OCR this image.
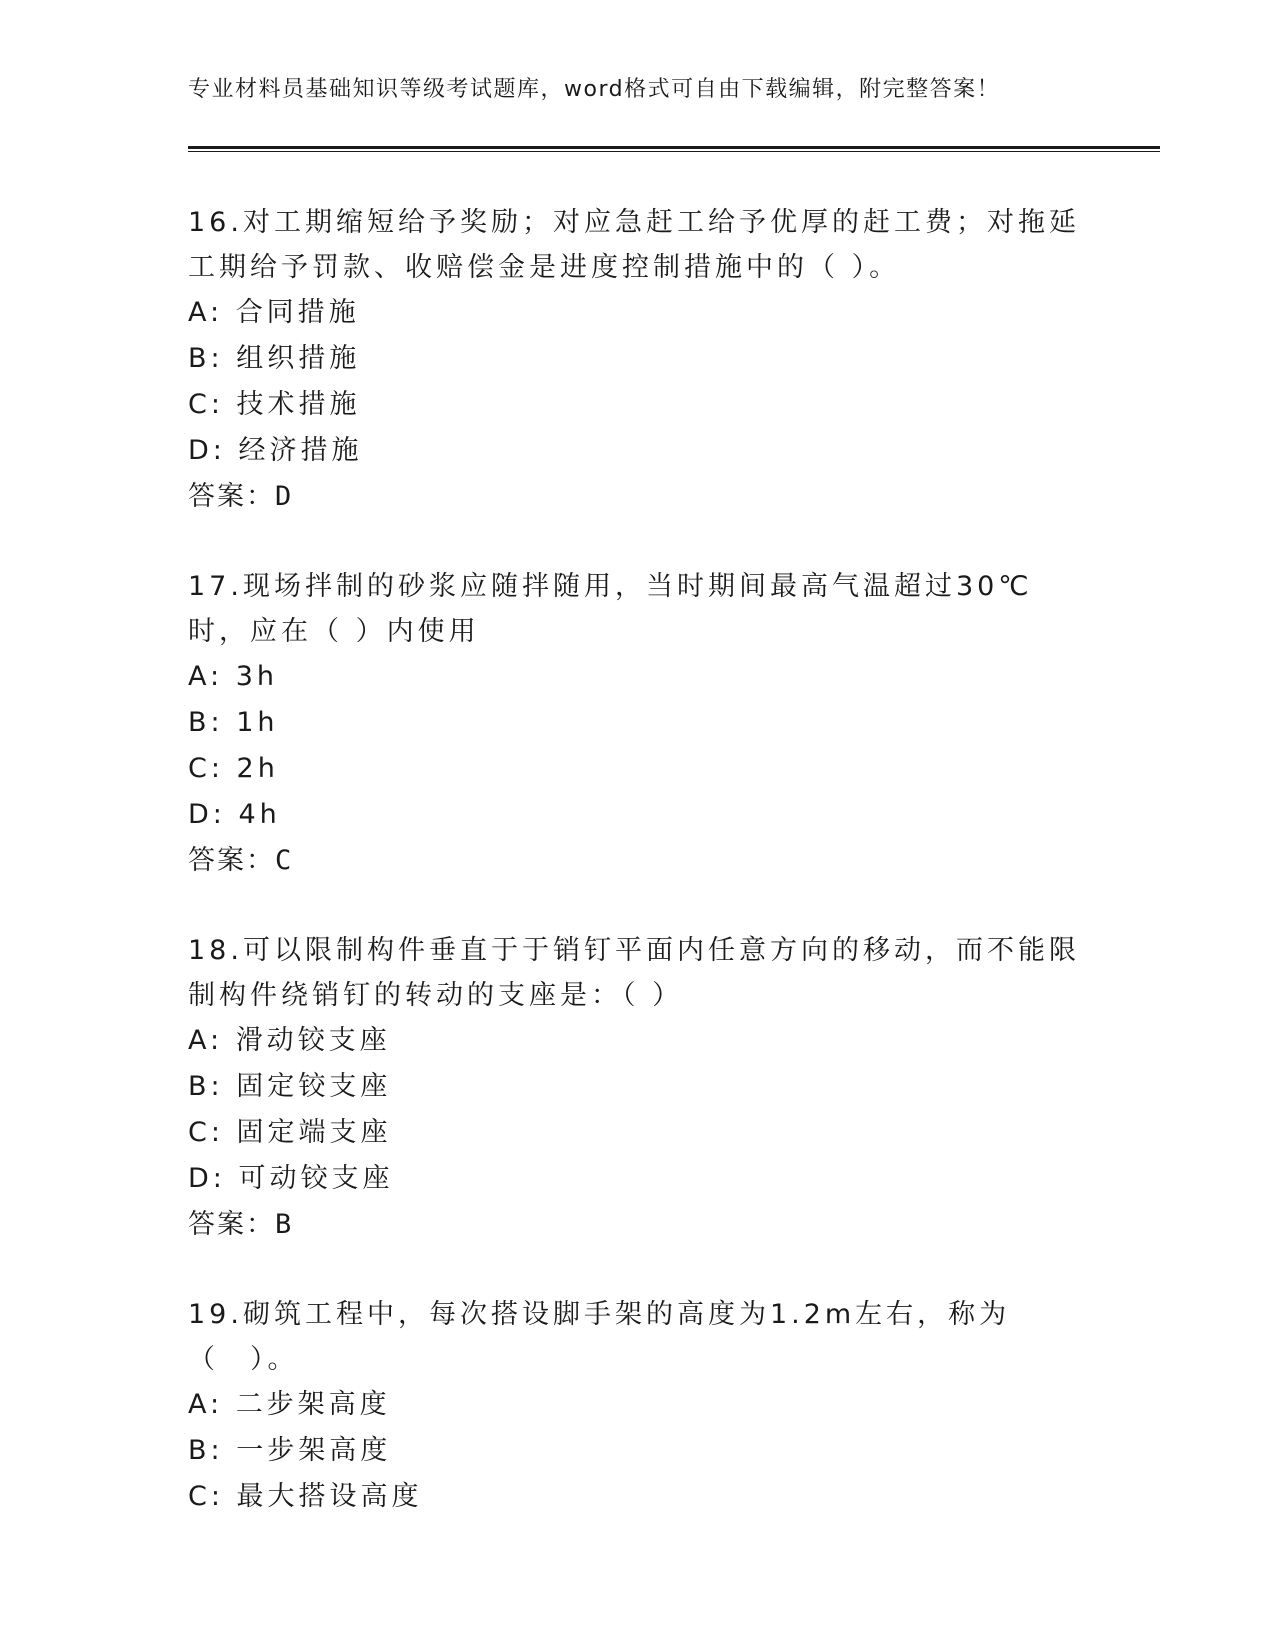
专业材料员基础知识等级考试题库，word格式可自由下载编辑，附完整答案！

16.对工期缩短给予奖励；对应急赶工给予优厚的赶工费；对拖延工期给予罚款、收赔偿金是进度控制措施中的（ ）。

A: 合同措施
B: 组织措施
C: 技术措施
D: 经济措施
答案：D

17.现场拌制的砂浆应随拌随用，当时期间最高气温超过30℃时，应在（ ）内使用

A: 3h
B: 1h
C: 2h
D: 4h
答案：C

18.可以限制构件垂直于于销钉平面内任意方向的移动，而不能限制构件绕销钉的转动的支座是：（ ）

A: 滑动铰支座
B: 固定铰支座
C: 固定端支座
D: 可动铰支座
答案：B

19.砌筑工程中，每次搭设脚手架的高度为1.2m左右，称为（　）。

A: 二步架高度
B: 一步架高度
C: 最大搭设高度
